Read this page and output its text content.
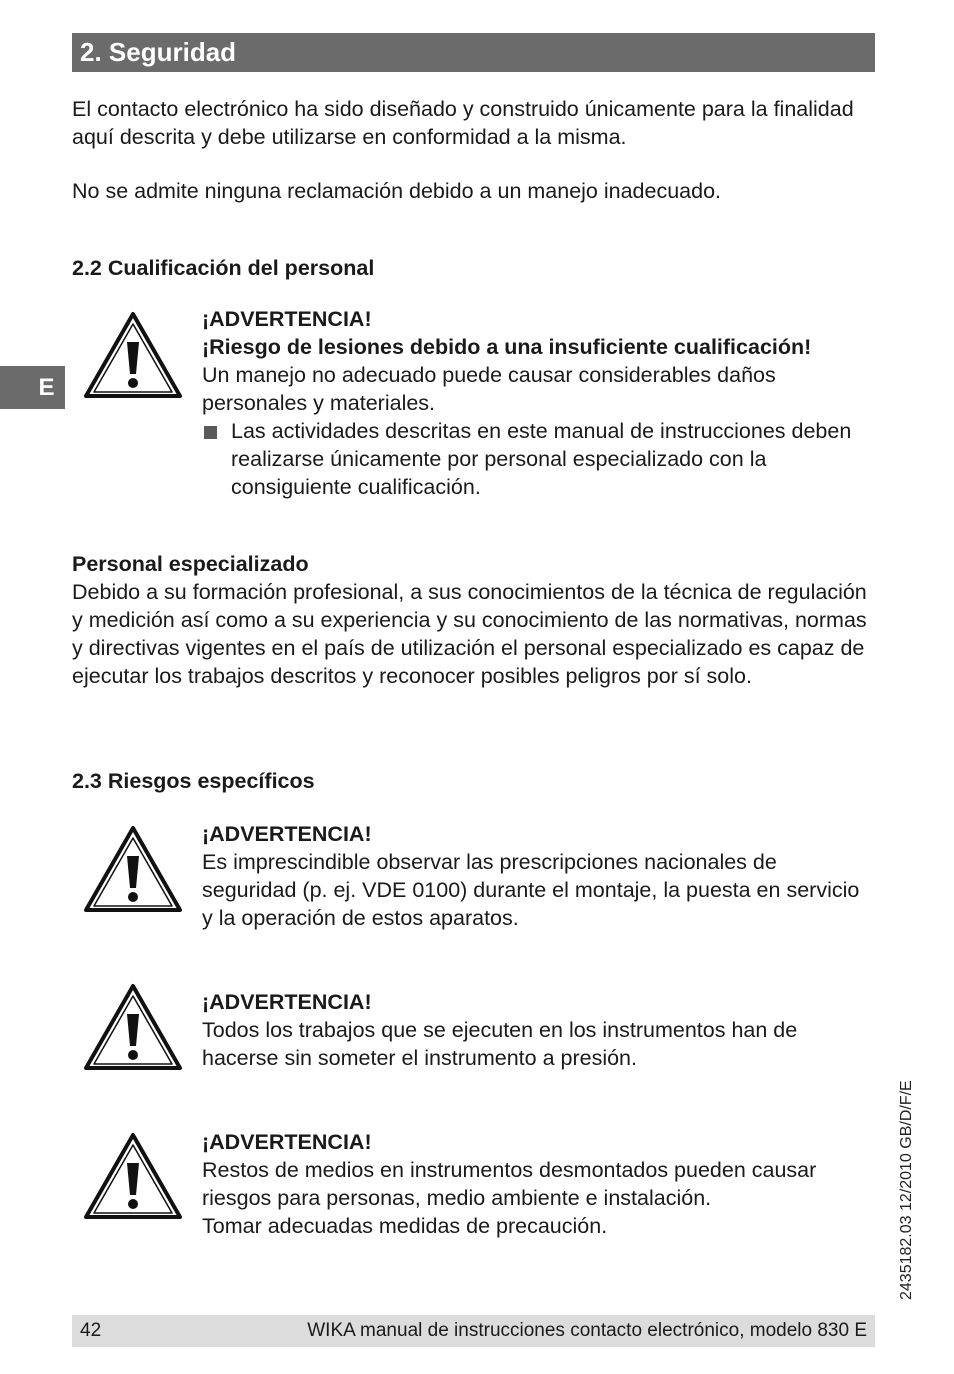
2. Seguridad
E

El contacto electrónico ha sido diseñado y construido únicamente para la finalidad aquí descrita y debe utilizarse en conformidad a la misma.

No se admite ninguna reclamación debido a un manejo inadecuado.

2.2 Cualificación del personal
¡ADVERTENCIA!
¡Riesgo de lesiones debido a una insuficiente cualificación!
Un manejo no adecuado puede causar considerables daños personales y materiales.
Las actividades descritas en este manual de instrucciones deben realizarse únicamente por personal especializado con la consiguiente cualificación.
Personal especializado

Debido a su formación profesional, a sus conocimientos de la técnica de regulación y medición así como a su experiencia y su conocimiento de las normativas, normas y directivas vigentes en el país de utilización el personal especializado es capaz de ejecutar los trabajos descritos y reconocer posibles peligros por sí solo.

2.3 Riesgos específicos
¡ADVERTENCIA!
Es imprescindible observar las prescripciones nacionales de seguridad (p. ej. VDE 0100) durante el montaje, la puesta en servicio y la operación de estos aparatos.
¡ADVERTENCIA!
Todos los trabajos que se ejecuten en los instrumentos han de hacerse sin someter el instrumento a presión.
¡ADVERTENCIA!
Restos de medios en instrumentos desmontados pueden causar riesgos para personas, medio ambiente e instalación.
Tomar adecuadas medidas de precaución.	2435182.03 12/2010 GB/D/F/E
42	WIKA manual de instrucciones contacto electrónico, modelo 830 E
